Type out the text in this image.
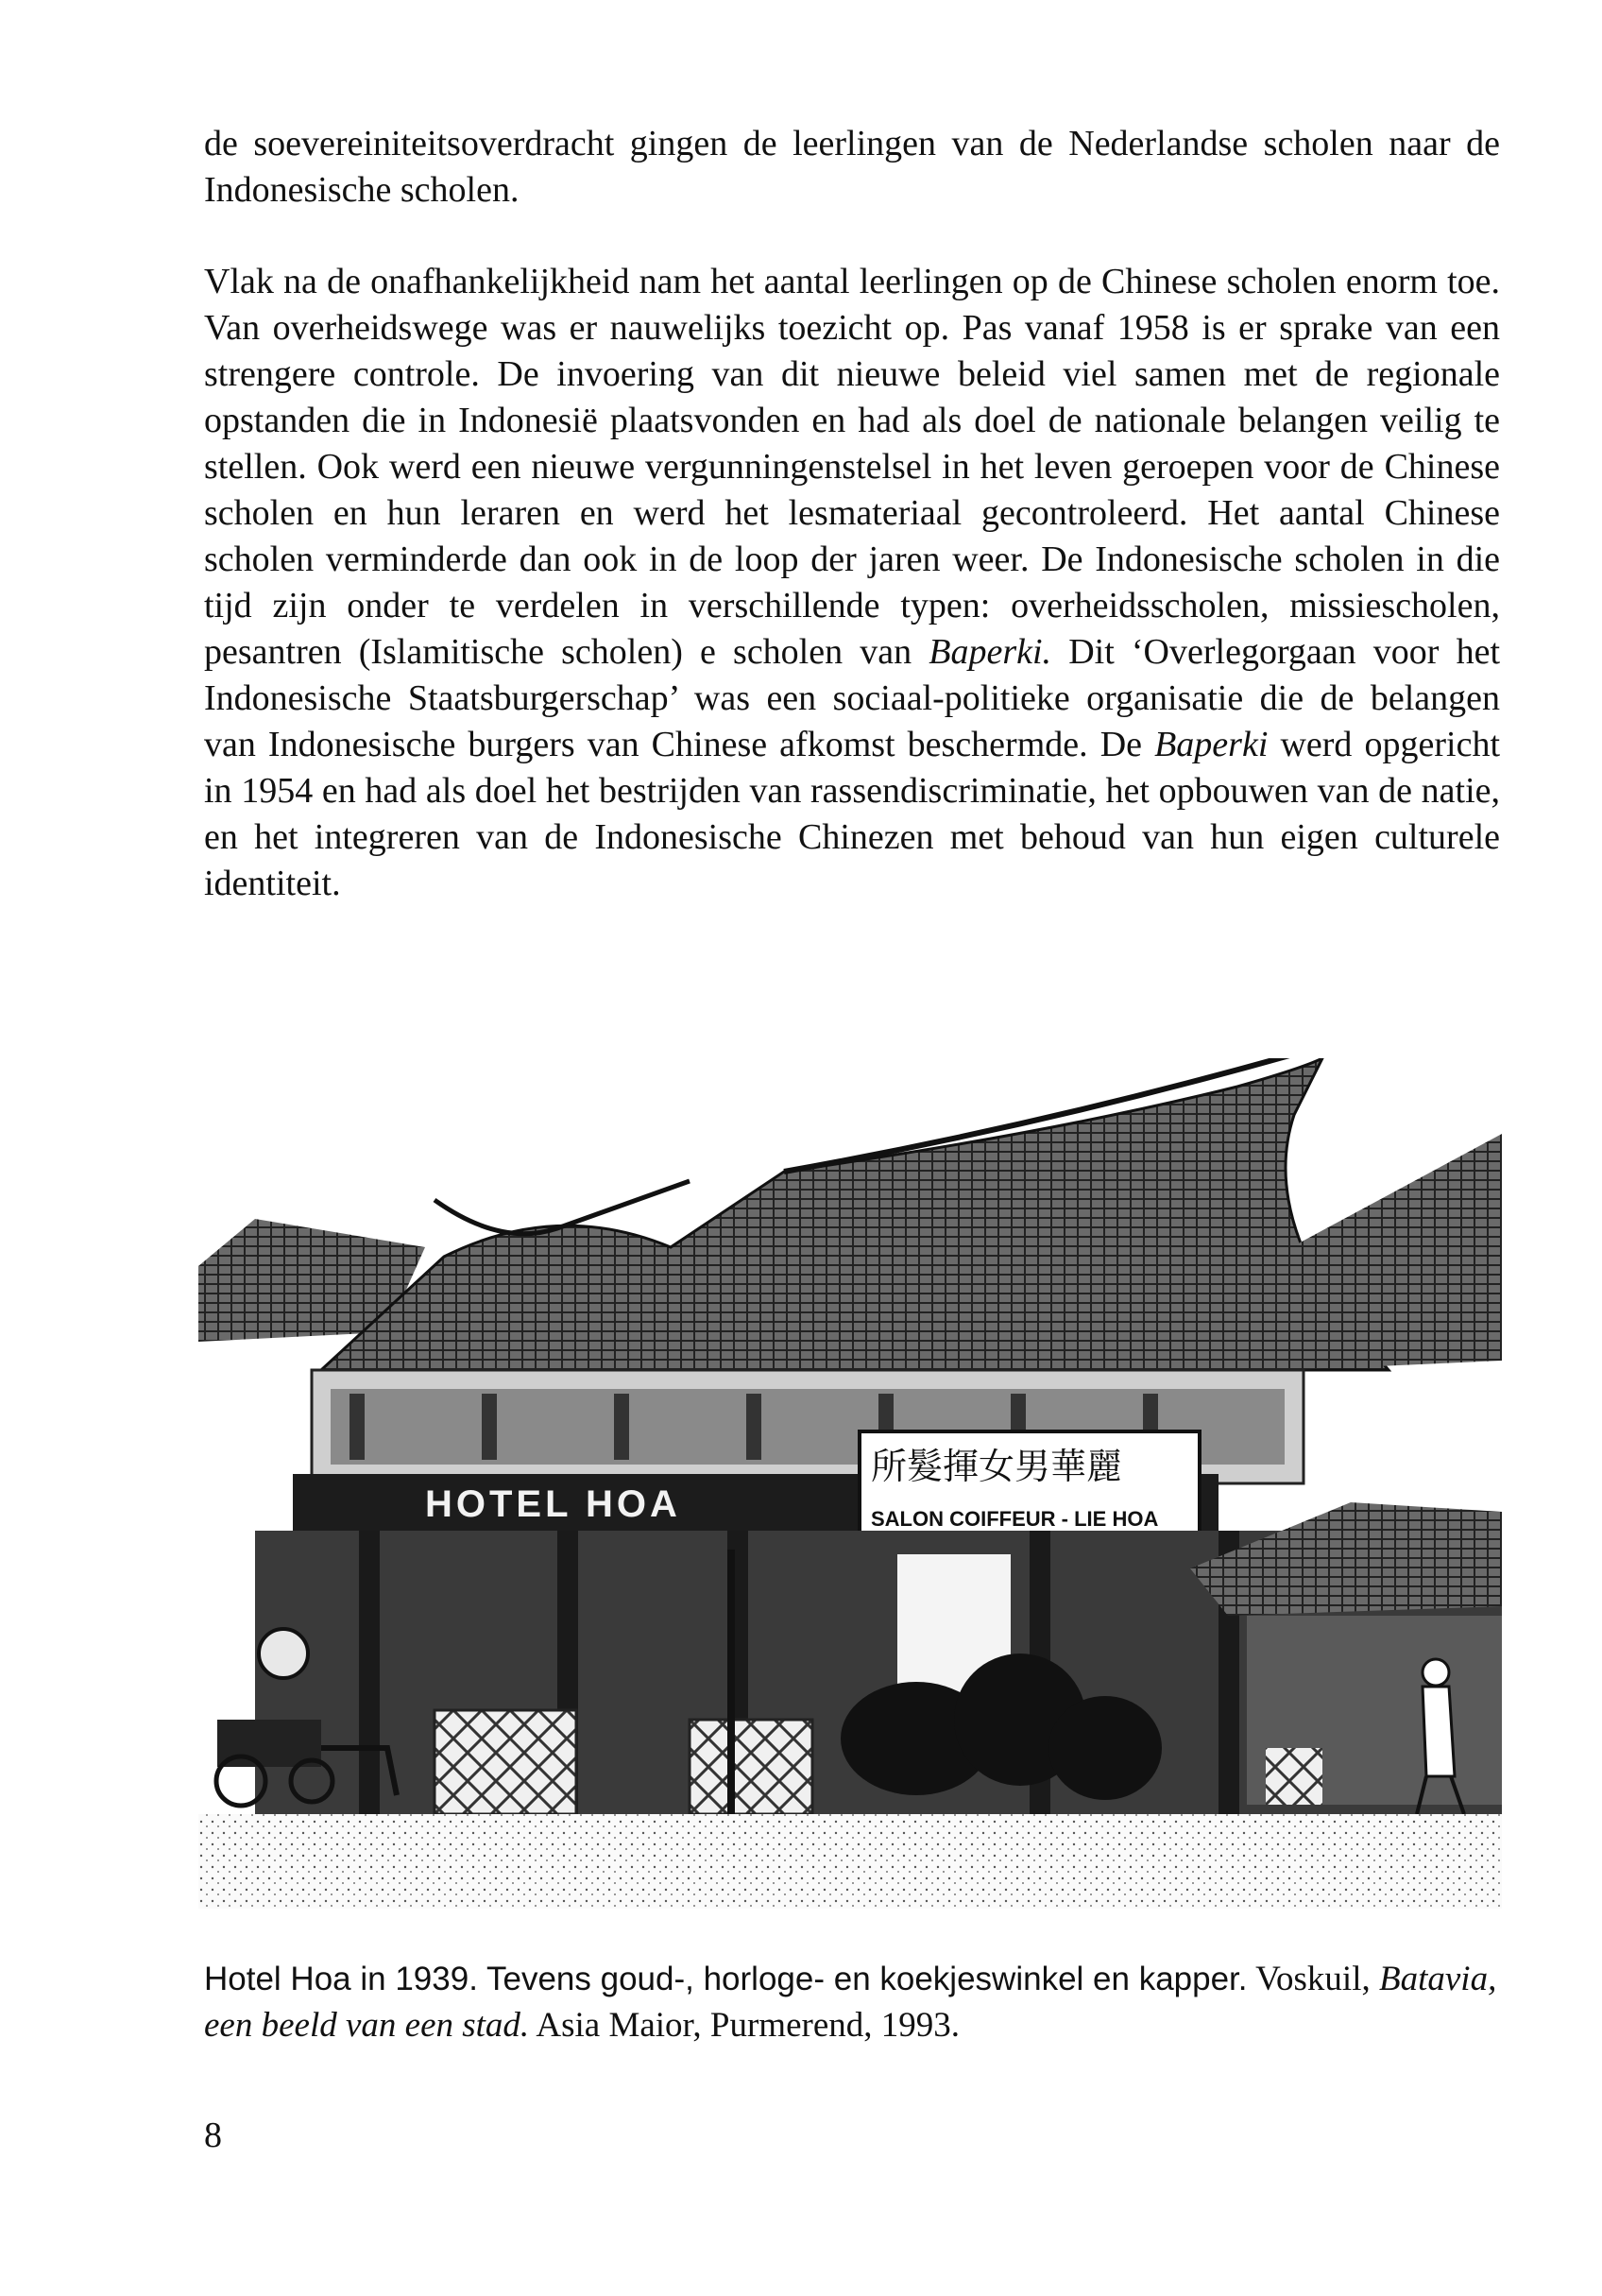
de soevereiniteitsoverdracht gingen de leerlingen van de Nederlandse scholen naar de Indonesische scholen.

Vlak na de onafhankelijkheid nam het aantal leerlingen op de Chinese scholen enorm toe. Van overheidswege was er nauwelijks toezicht op. Pas vanaf 1958 is er sprake van een strengere controle. De invoering van dit nieuwe beleid viel samen met de regionale opstanden die in Indonesië plaatsvonden en had als doel de nationale belangen veilig te stellen. Ook werd een nieuwe vergunningenstelsel in het leven geroepen voor de Chinese scholen en hun leraren en werd het lesmateriaal gecontroleerd. Het aantal Chinese scholen verminderde dan ook in de loop der jaren weer. De Indonesische scholen in die tijd zijn onder te verdelen in verschillende typen: overheidsscholen, missiescholen, pesantren (Islamitische scholen) e scholen van Baperki. Dit ‘Overlegorgaan voor het Indonesische Staatsburgerschap’ was een sociaal-politieke organisatie die de belangen van Indonesische burgers van Chinese afkomst beschermde. De Baperki werd opgericht in 1954 en had als doel het bestrijden van rassendiscriminatie, het opbouwen van de natie, en het integreren van de Indonesische Chinezen met behoud van hun eigen culturele identiteit.

HOTEL HOA
所髮揮女男華麗
SALON COIFFEUR - LIE HOA
Hotel Hoa in 1939. Tevens goud-, horloge- en koekjeswinkel en kapper. Voskuil, Batavia, een beeld van een stad. Asia Maior, Purmerend, 1993.
8
